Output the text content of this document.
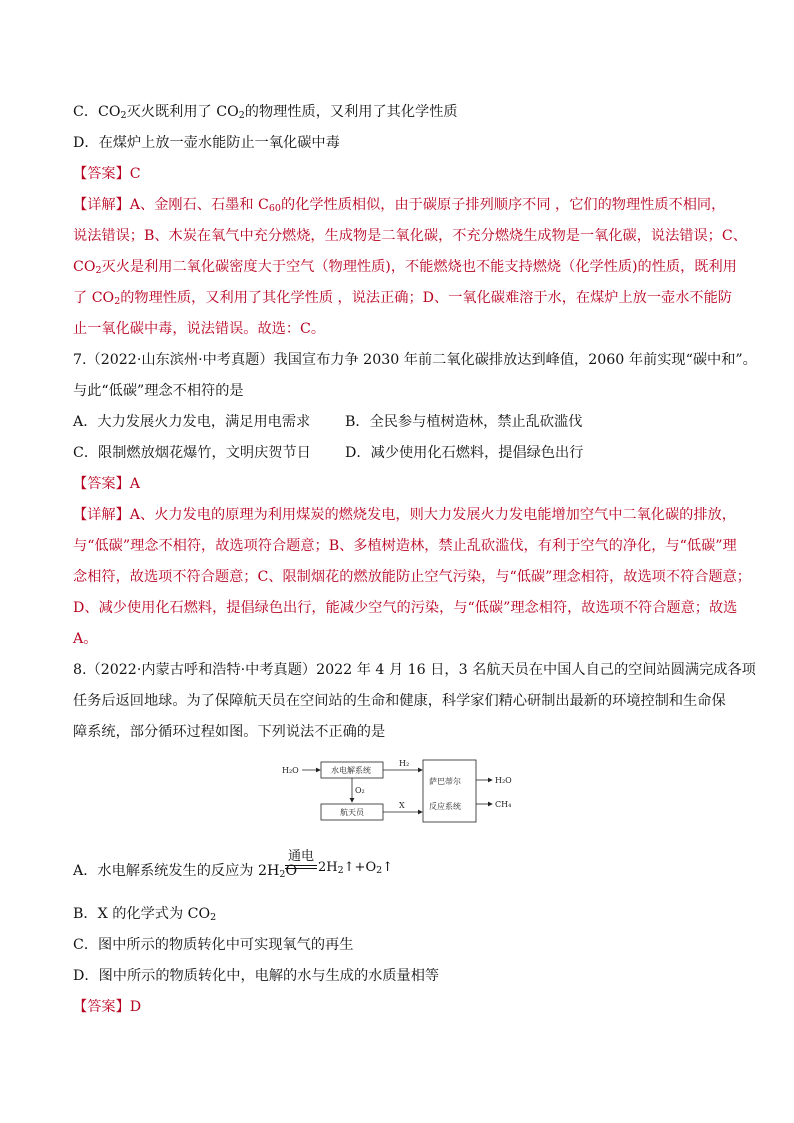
C．$CO_2$灭火既利用了 $CO_2$的物理性质，又利用了其化学性质
D．在煤炉上放一壶水能防止一氧化碳中毒
【答案】C
【详解】A、金刚石、石墨和 $C_{60}$的化学性质相似，由于碳原子排列顺序不同 ，它们的物理性质不相同，
说法错误；B、木炭在氧气中充分燃烧，生成物是二氧化碳，不充分燃烧生成物是一氧化碳，说法错误；C、
$CO_2$灭火是利用二氧化碳密度大于空气（物理性质)，不能燃烧也不能支持燃烧（化学性质)的性质，既利用
了 $CO_2$的物理性质，又利用了其化学性质 ，说法正确；D、一氧化碳难溶于水，在煤炉上放一壶水不能防
止一氧化碳中毒，说法错误。故选：C。
7.（2022·山东滨州·中考真题）我国宣布力争 2030 年前二氧化碳排放达到峰值，2060 年前实现“碳中和”。
与此“低碳”理念不相符的是
A．大力发展火力发电，满足用电需求 B．全民参与植树造林，禁止乱砍滥伐
C．限制燃放烟花爆竹，文明庆贺节日 D．减少使用化石燃料，提倡绿色出行
【答案】A
【详解】A、火力发电的原理为利用煤炭的燃烧发电，则大力发展火力发电能增加空气中二氧化碳的排放，
与“低碳”理念不相符，故选项符合题意；B、多植树造林，禁止乱砍滥伐，有利于空气的净化，与“低碳”理
念相符，故选项不符合题意；C、限制烟花的燃放能防止空气污染，与“低碳”理念相符，故选项不符合题意；
D、减少使用化石燃料，提倡绿色出行，能减少空气的污染，与“低碳”理念相符，故选项不符合题意；故选
A。
8.（2022·内蒙古呼和浩特·中考真题）2022 年 4 月 16 日，3 名航天员在中国人自己的空间站圆满完成各项
任务后返回地球。为了保障航天员在空间站的生命和健康，科学家们精心研制出最新的环境控制和生命保
障系统，部分循环过程如图。下列说法不正确的是
H₂O	水电解系统
H₂
O₂
航天员
X
萨巴蒂尔
反应系统
H₂O
CH₄
A．水电解系统发生的反应为 $2H_2O$
通电
$2H_2↑+O_2↑$
B．X 的化学式为 $CO_2$
C．图中所示的物质转化中可实现氧气的再生
D．图中所示的物质转化中，电解的水与生成的水质量相等
【答案】D
